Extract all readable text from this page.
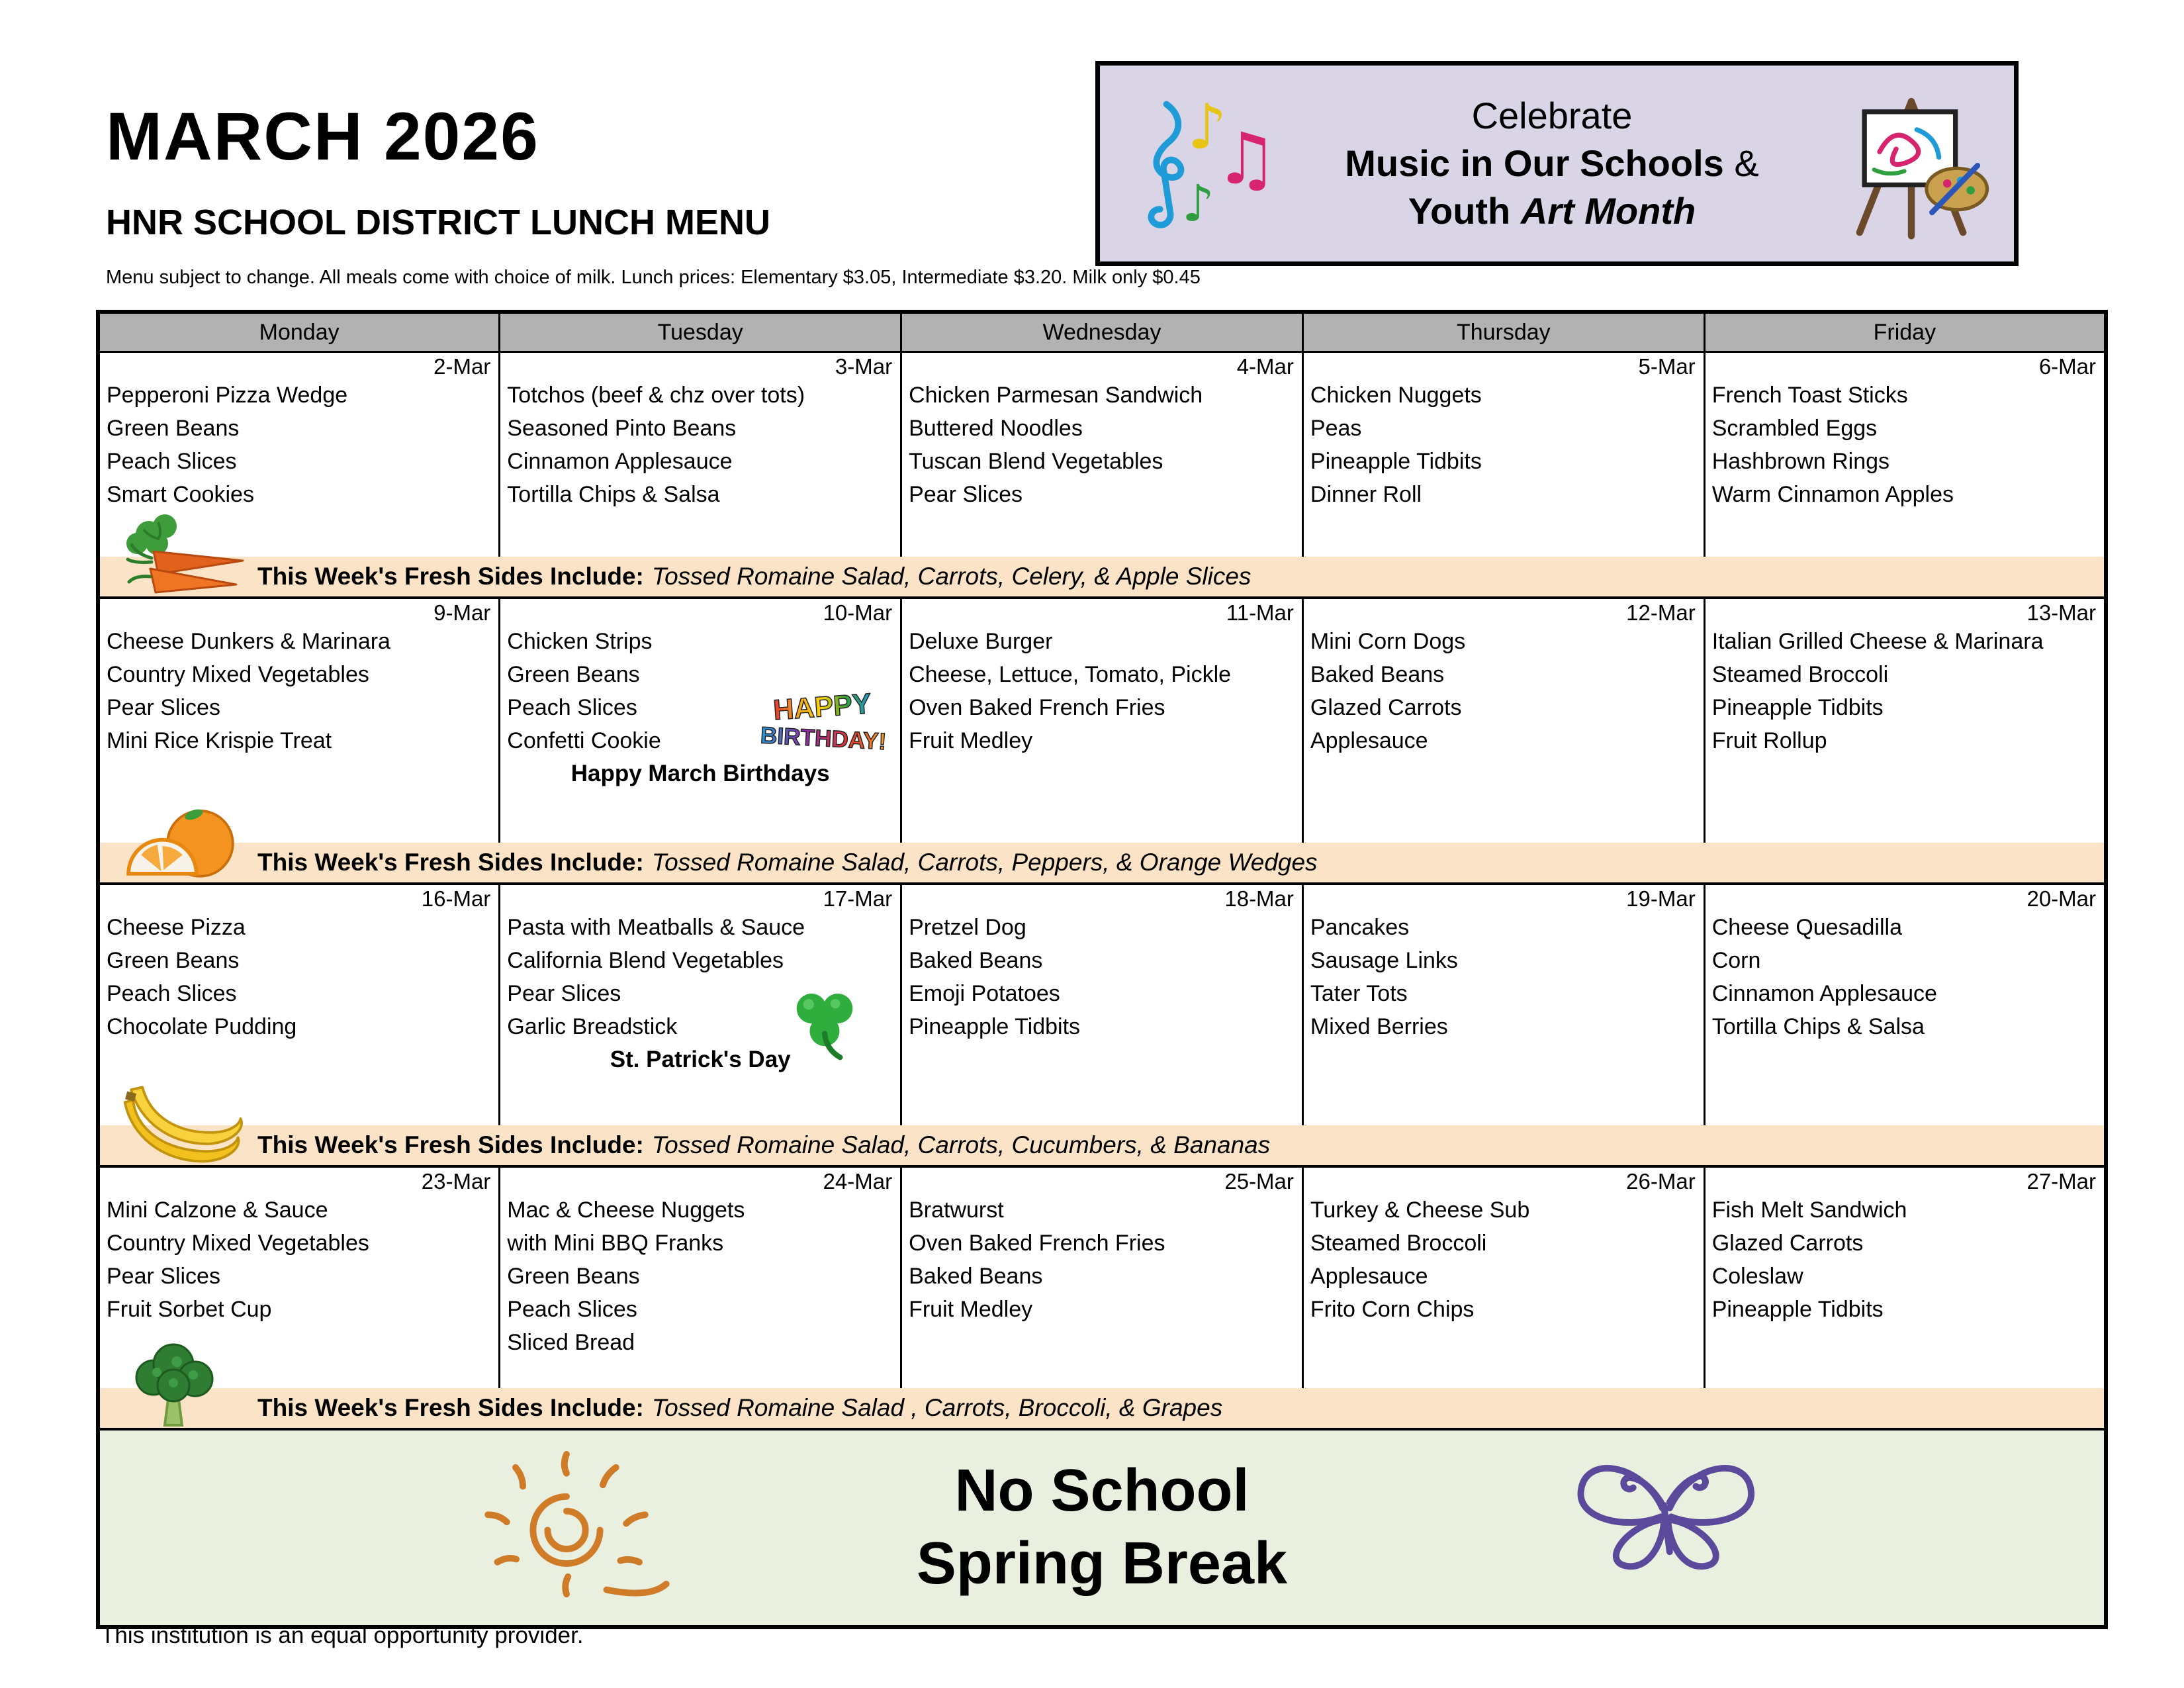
MARCH 2026
HNR SCHOOL DISTRICT LUNCH MENU
Menu subject to change. All meals come with choice of milk. Lunch prices: Elementary $3.05, Intermediate $3.20. Milk only $0.45
♪
♫
♪
Celebrate
Music in Our Schools &
Youth Art Month
Monday	Tuesday	Wednesday	Thursday	Friday

2-Mar
Pepperoni Pizza Wedge
Green Beans
Peach Slices
Smart Cookies

3-Mar
Totchos (beef & chz over tots)
Seasoned Pinto Beans
Cinnamon Applesauce
Tortilla Chips & Salsa

4-Mar
Chicken Parmesan Sandwich
Buttered Noodles
Tuscan Blend Vegetables
Pear Slices

5-Mar
Chicken Nuggets
Peas
Pineapple Tidbits
Dinner Roll

6-Mar
French Toast Sticks
Scrambled Eggs
Hashbrown Rings
Warm Cinnamon Apples

This Week's Fresh Sides Include: Tossed Romaine Salad, Carrots, Celery, & Apple Slices				

9-Mar
Cheese Dunkers & Marinara
Country Mixed Vegetables
Pear Slices
Mini Rice Krispie Treat

10-Mar
Chicken Strips
Green Beans
Peach Slices
Confetti Cookie
HAPPY
BIRTHDAY!
Happy March Birthdays

11-Mar
Deluxe Burger
Cheese, Lettuce, Tomato, Pickle
Oven Baked French Fries
Fruit Medley

12-Mar
Mini Corn Dogs
Baked Beans
Glazed Carrots
Applesauce

13-Mar
Italian Grilled Cheese & Marinara
Steamed Broccoli
Pineapple Tidbits
Fruit Rollup

This Week's Fresh Sides Include: Tossed Romaine Salad, Carrots, Peppers, & Orange Wedges				

16-Mar
Cheese Pizza
Green Beans
Peach Slices
Chocolate Pudding

17-Mar
Pasta with Meatballs & Sauce
California Blend Vegetables
Pear Slices
Garlic Breadstick
St. Patrick's Day

18-Mar
Pretzel Dog
Baked Beans
Emoji Potatoes
Pineapple Tidbits

19-Mar
Pancakes
Sausage Links
Tater Tots
Mixed Berries

20-Mar
Cheese Quesadilla
Corn
Cinnamon Applesauce
Tortilla Chips & Salsa

This Week's Fresh Sides Include: Tossed Romaine Salad, Carrots, Cucumbers, & Bananas				

23-Mar
Mini Calzone & Sauce
Country Mixed Vegetables
Pear Slices
Fruit Sorbet Cup

24-Mar
Mac & Cheese Nuggets
with Mini BBQ Franks
Green Beans
Peach Slices
Sliced Bread

25-Mar
Bratwurst
Oven Baked French Fries
Baked Beans
Fruit Medley

26-Mar
Turkey & Cheese Sub
Steamed Broccoli
Applesauce
Frito Corn Chips

27-Mar
Fish Melt Sandwich
Glazed Carrots
Coleslaw
Pineapple Tidbits

This Week's Fresh Sides Include: Tossed Romaine Salad , Carrots, Broccoli, & Grapes				

No School
Spring Break				

This institution is an equal opportunity provider.
